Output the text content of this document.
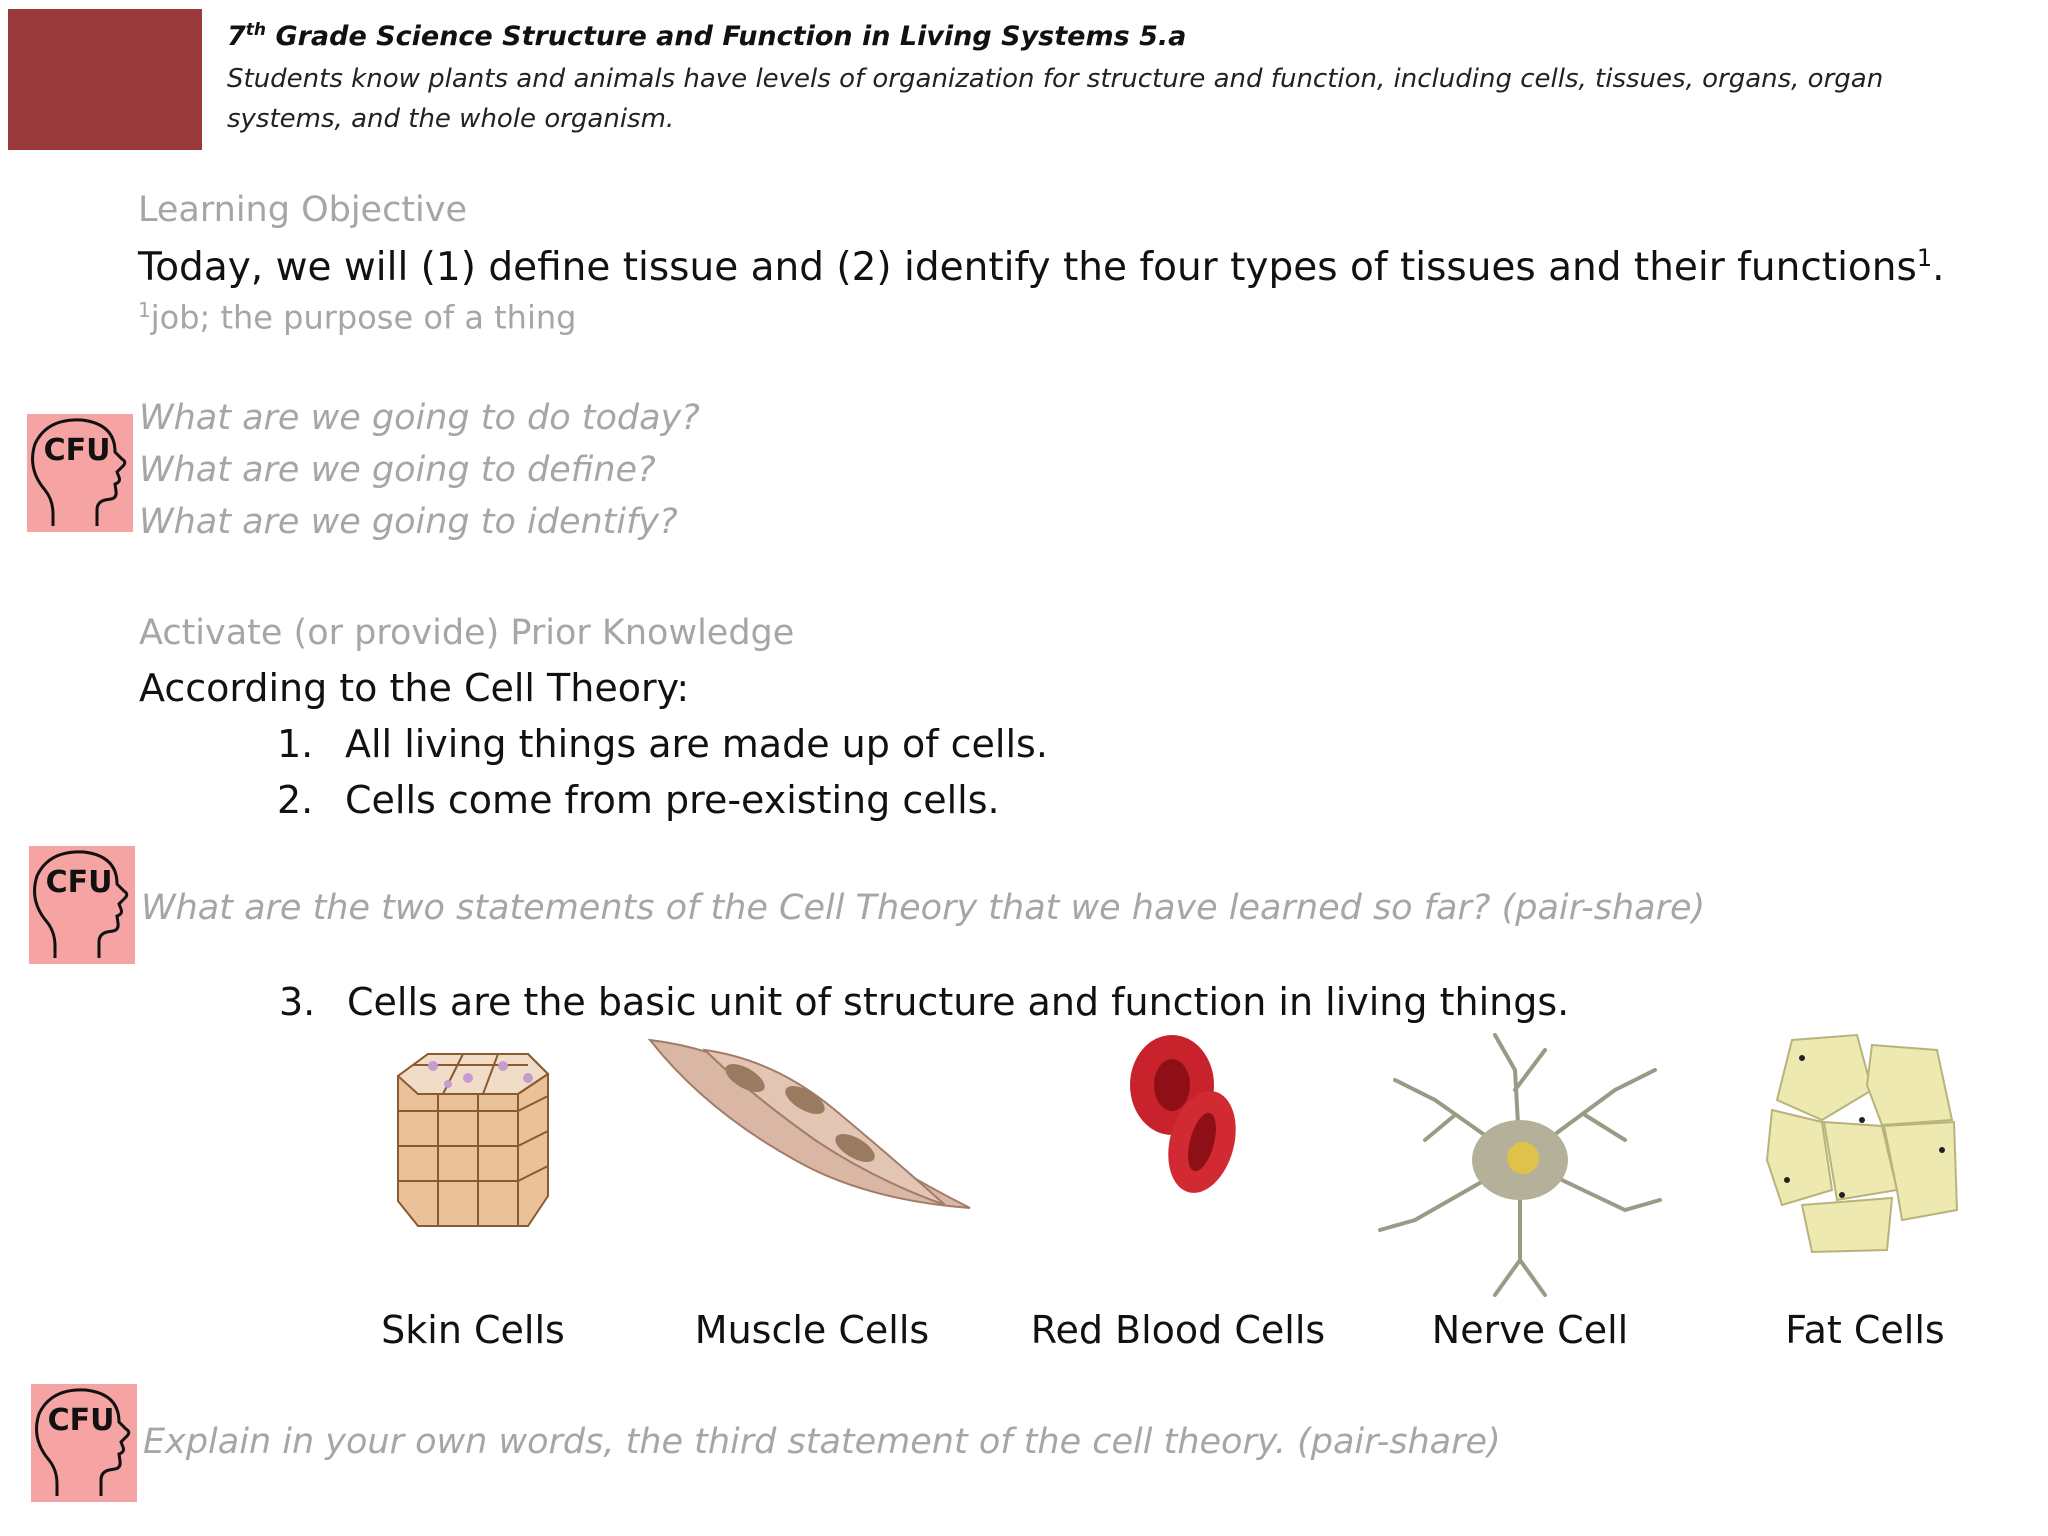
7th Grade Science Structure and Function in Living Systems 5.a
Students know plants and animals have levels of organization for structure and function, including cells, tissues, organs, organ systems, and the whole organism.
Learning Objective
Today, we will (1) define tissue and (2) identify the four types of tissues and their functions$^1$.
$^1$job; the purpose of a thing
CFU
What are we going to do today?
What are we going to define?
What are we going to identify?
Activate (or provide) Prior Knowledge
According to the Cell Theory:
1. All living things are made up of cells.
2. Cells come from pre-existing cells.
CFU
What are the two statements of the Cell Theory that we have learned so far? (pair-share)
3. Cells are the basic unit of structure and function in living things.
Skin Cells	Muscle Cells	Red Blood Cells	Nerve Cell	Fat Cells
CFU
Explain in your own words, the third statement of the cell theory. (pair-share)
